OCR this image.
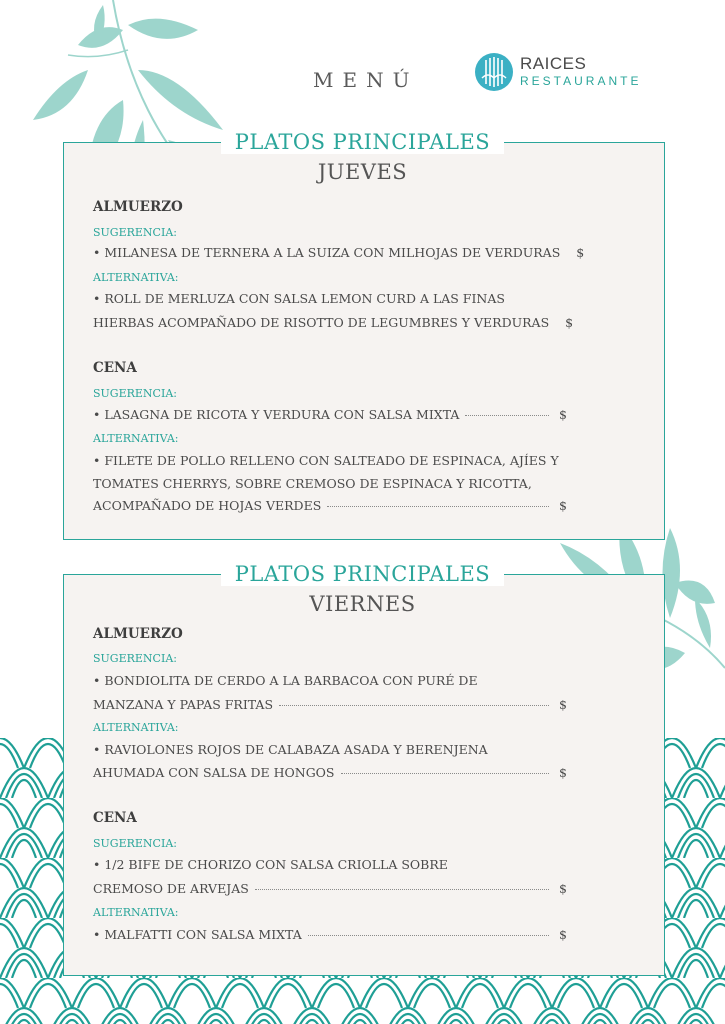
MENÚ
RAICES
RESTAURANTE
PLATOS PRINCIPALES
JUEVES
ALMUERZO
SUGERENCIA:
• MILANESA DE TERNERA A LA SUIZA CON MILHOJAS DE VERDURAS $
ALTERNATIVA:
• ROLL DE MERLUZA CON SALSA LEMON CURD A LAS FINAS
HIERBAS ACOMPAÑADO DE RISOTTO DE LEGUMBRES Y VERDURAS $
CENA
SUGERENCIA:
• LASAGNA DE RICOTA Y VERDURA CON SALSA MIXTA	$
ALTERNATIVA:
• FILETE DE POLLO RELLENO CON SALTEADO DE ESPINACA, AJÍES Y
TOMATES CHERRYS, SOBRE CREMOSO DE ESPINACA Y RICOTTA,
ACOMPAÑADO DE HOJAS VERDES	$
PLATOS PRINCIPALES
VIERNES
ALMUERZO
SUGERENCIA:
• BONDIOLITA DE CERDO A LA BARBACOA CON PURÉ DE
MANZANA Y PAPAS FRITAS	$
ALTERNATIVA:
• RAVIOLONES ROJOS DE CALABAZA ASADA Y BERENJENA
AHUMADA CON SALSA DE HONGOS	$
CENA
SUGERENCIA:
• 1/2 BIFE DE CHORIZO CON SALSA CRIOLLA SOBRE
CREMOSO DE ARVEJAS	$
ALTERNATIVA:
• MALFATTI CON SALSA MIXTA	$
